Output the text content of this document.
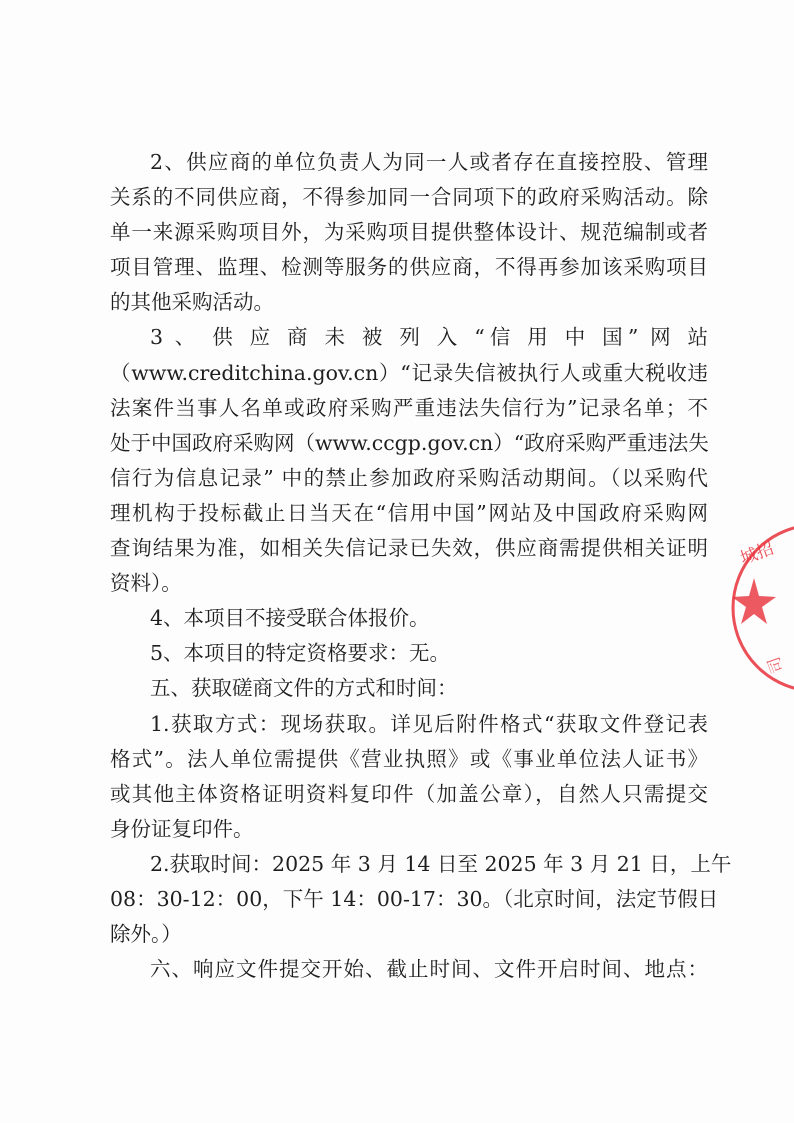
2、供应商的单位负责人为同一人或者存在直接控股、管理
关系的不同供应商，不得参加同一合同项下的政府采购活动。除
单一来源采购项目外，为采购项目提供整体设计、规范编制或者
项目管理、监理、检测等服务的供应商，不得再参加该采购项目
的其他采购活动。
3 、 供 应 商 未 被 列 入 “信 用 中 国” 网 站
（www.creditchina.gov.cn）“记录失信被执行人或重大税收违
法案件当事人名单或政府采购严重违法失信行为”记录名单；不
处于中国政府采购网（www.ccgp.gov.cn）“政府采购严重违法失
信行为信息记录” 中的禁止参加政府采购活动期间。（以采购代
理机构于投标截止日当天在“信用中国”网站及中国政府采购网
查询结果为准，如相关失信记录已失效，供应商需提供相关证明
资料）。
4、本项目不接受联合体报价。
5、本项目的特定资格要求：无。
五、获取磋商文件的方式和时间：
1.获取方式：现场获取。详见后附件格式“获取文件登记表
格式”。法人单位需提供《营业执照》或《事业单位法人证书》
或其他主体资格证明资料复印件（加盖公章），自然人只需提交
身份证复印件。
2.获取时间：2025 年 3 月 14 日至 2025 年 3 月 21 日，上午
08：30-12：00，下午 14：00-17：30。（北京时间，法定节假日
除外。）
六、响应文件提交开始、截止时间、文件开启时间、地点：
城招
司
